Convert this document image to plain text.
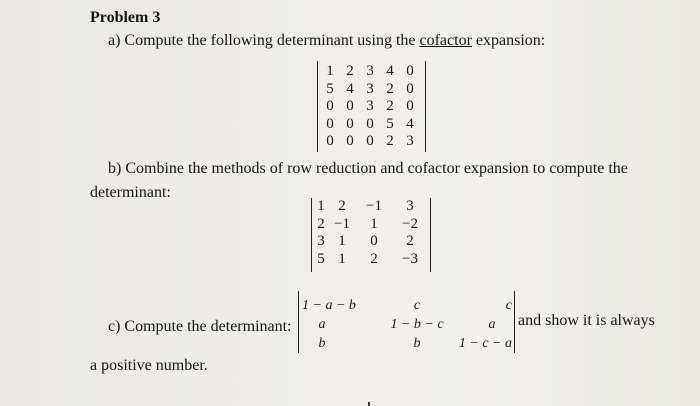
Problem 3
a) Compute the following determinant using the cofactor expansion:
1 2 3 4 0
5 4 3 2 0
0 0 3 2 0
0 0 0 5 4
0 0 0 2 3
b) Combine the methods of row reduction and cofactor expansion to compute the
determinant:
1 2	−1	3
2 −1	1	−2
3 1	0	2
5 1	2	−3
c) Compute the determinant:
1 − a − b	c	c
a	1 − b − c	a
b	b	1 − c − a
and show it is always
a positive number.
